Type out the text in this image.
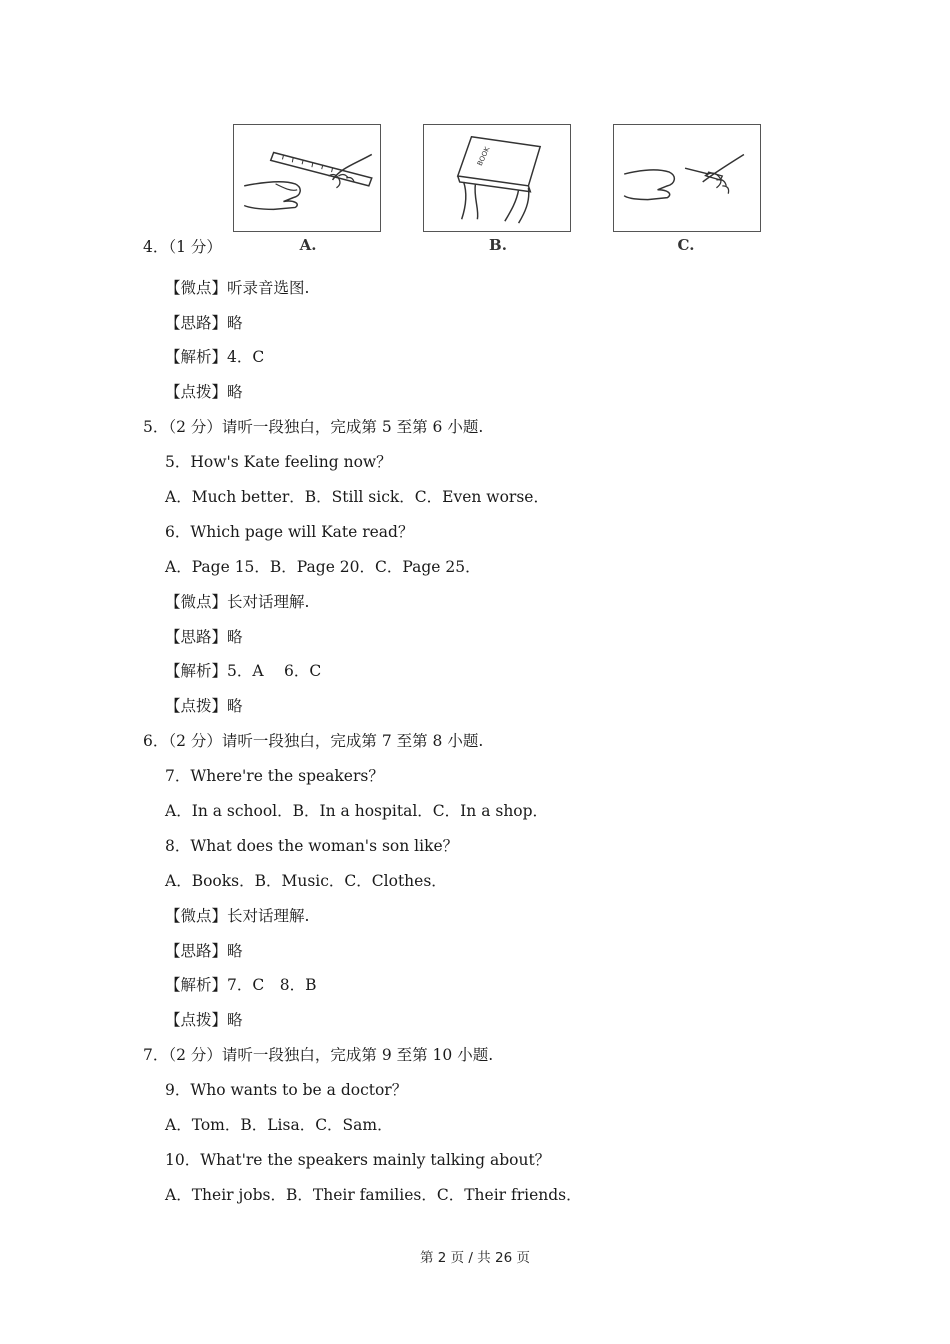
BOOK
A.	B.	C.
4．（1 分）
【微点】听录音选图.
【思路】略
【解析】4．C
【点拨】略
5．（2 分）请听一段独白，完成第 5 至第 6 小题.
5．How's Kate feeling now？
A．Much better．B．Still sick．C．Even worse．
6．Which page will Kate read？
A．Page 15．B．Page 20．C．Page 25．
【微点】长对话理解.
【思路】略
【解析】5．A　 6．C
【点拨】略
6．（2 分）请听一段独白，完成第 7 至第 8 小题.
7．Where're the speakers？
A．In a school．B．In a hospital．C．In a shop．
8．What does the woman's son like？
A．Books．B．Music．C．Clothes．
【微点】长对话理解.
【思路】略
【解析】7．C　8．B
【点拨】略
7．（2 分）请听一段独白，完成第 9 至第 10 小题.
9．Who wants to be a doctor？
A．Tom．B．Lisa．C．Sam．
10．What're the speakers mainly talking about？
A．Their jobs．B．Their families．C．Their friends．
第 2 页 / 共 26 页
